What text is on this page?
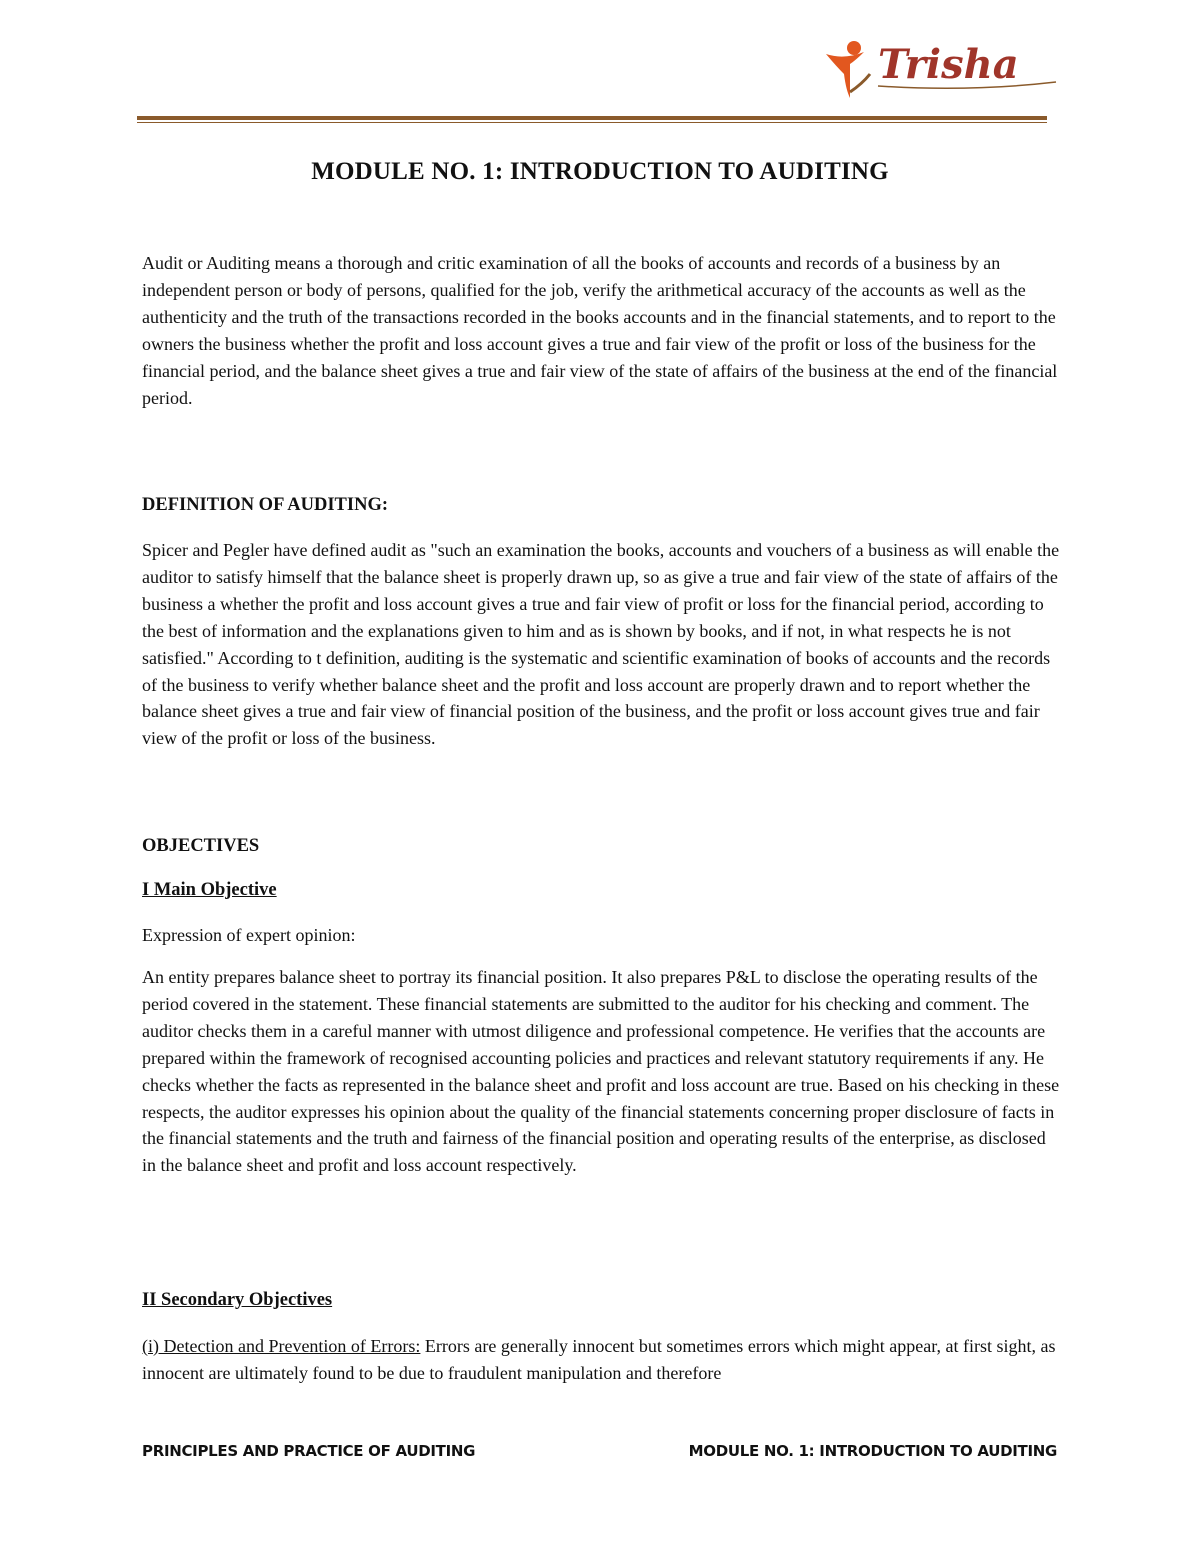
Trisha
MODULE NO. 1: INTRODUCTION TO AUDITING

Audit or Auditing means a thorough and critic examination of all the books of accounts and records of a business by an independent person or body of persons, qualified for the job, verify the arithmetical accuracy of the accounts as well as the authenticity and the truth of the transactions recorded in the books accounts and in the financial statements, and to report to the owners the business whether the profit and loss account gives a true and fair view of the profit or loss of the business for the financial period, and the balance sheet gives a true and fair view of the state of affairs of the business at the end of the financial period.

DEFINITION OF AUDITING:

Spicer and Pegler have defined audit as "such an examination the books, accounts and vouchers of a business as will enable the auditor to satisfy himself that the balance sheet is properly drawn up, so as give a true and fair view of the state of affairs of the business a whether the profit and loss account gives a true and fair view of profit or loss for the financial period, according to the best of information and the explanations given to him and as is shown by books, and if not, in what respects he is not satisfied." According to t definition, auditing is the systematic and scientific examination of books of accounts and the records of the business to verify whether balance sheet and the profit and loss account are properly drawn and to report whether the balance sheet gives a true and fair view of financial position of the business, and the profit or loss account gives true and fair view of the profit or loss of the business.

OBJECTIVES
I Main Objective

Expression of expert opinion:

An entity prepares balance sheet to portray its financial position. It also prepares P&L to disclose the operating results of the period covered in the statement. These financial statements are submitted to the auditor for his checking and comment. The auditor checks them in a careful manner with utmost diligence and professional competence. He verifies that the accounts are prepared within the framework of recognised accounting policies and practices and relevant statutory requirements if any. He checks whether the facts as represented in the balance sheet and profit and loss account are true. Based on his checking in these respects, the auditor expresses his opinion about the quality of the financial statements concerning proper disclosure of facts in the financial statements and the truth and fairness of the financial position and operating results of the enterprise, as disclosed in the balance sheet and profit and loss account respectively.

II Secondary Objectives

(i) Detection and Prevention of Errors: Errors are generally innocent but sometimes errors which might appear, at first sight, as innocent are ultimately found to be due to fraudulent manipulation and therefore

PRINCIPLES AND PRACTICE OF AUDITING	MODULE NO. 1: INTRODUCTION TO AUDITING
